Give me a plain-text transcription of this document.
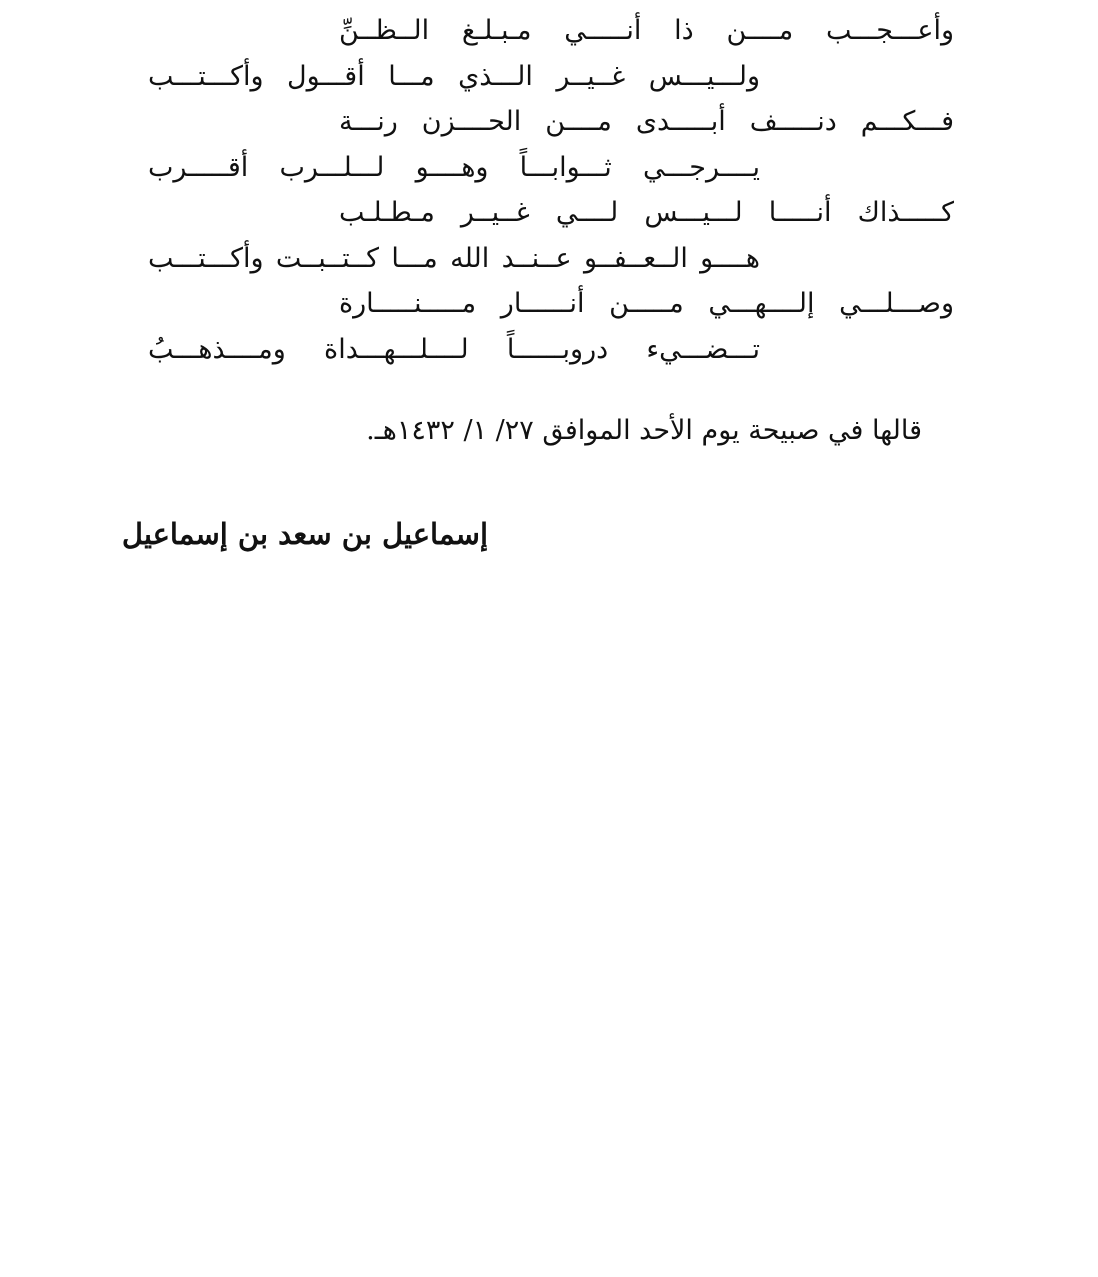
وأعـــجـــب مــــن ذا أنـــــي مـبـلـغ الــظــنِّ
ولـــيـــس غــيــر الـــذي مـــا أقـــول وأكـــتـــب
فـــكـــم دنـــــف أبـــــدى مــــن الحــــزن رنـــة
يــــرجـــي ثـــوابـــاً وهــــو لـــلـــرب أقـــــرب
كـــــذاك أنـــــا لـــيـــس لــــي غــيــر مـطـلـب
هــــو الــعــفــو عــنــد الله مـــا كــتــبــت وأكـــتـــب
وصـــلـــي إلــــهـــي مـــــن أنــــــار مـــــنـــــارة
تـــضـــيء دروبــــــاً لــــلـــهـــداة ومــــذهـــبُ
قالها في صبيحة يوم الأحد الموافق ٢٧/ ١/ ١٤٣٢هـ.
إسماعيل بن سعد بن إسماعيل
